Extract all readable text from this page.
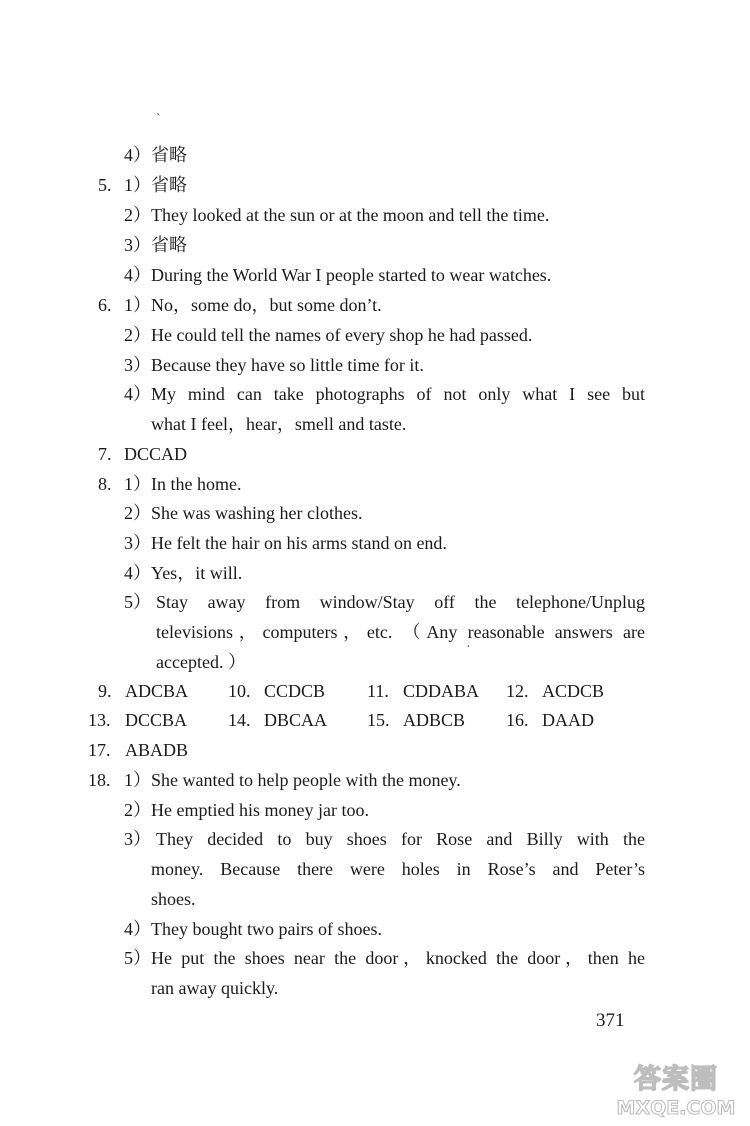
`
4） 省略
5. 1） 省略
2） They looked at the sun or at the moon and tell the time.
3） 省略
4） During the World War I people started to wear watches.
6. 1） No，some do，but some don’t.
2） He could tell the names of every shop he had passed.
3） Because they have so little time for it.
4） My mind can take photographs of not only what I see but
what I feel，hear，smell and taste.
7. DCCAD
8. 1） In the home.
2） She was washing her clothes.
3） He felt the hair on his arms stand on end.
4） Yes，it will.
5） Stay away from window/Stay off the telephone/Unplug
televisions，computers，etc. （Any reasonable answers are
accepted. ）
·
9. ADCBA 10. CCDCB 11. CDDABA 12. ACDCB
13. DCCBA 14. DBCAA 15. ADBCB 16. DAAD
17. ABADB
18. 1） She wanted to help people with the money.
2） He emptied his money jar too.
3） They decided to buy shoes for Rose and Billy with the
money. Because there were holes in Rose’s and Peter’s
shoes.
4） They bought two pairs of shoes.
5） He put the shoes near the door，knocked the door，then he
ran away quickly.
371
答案圈
MXQE.COM
